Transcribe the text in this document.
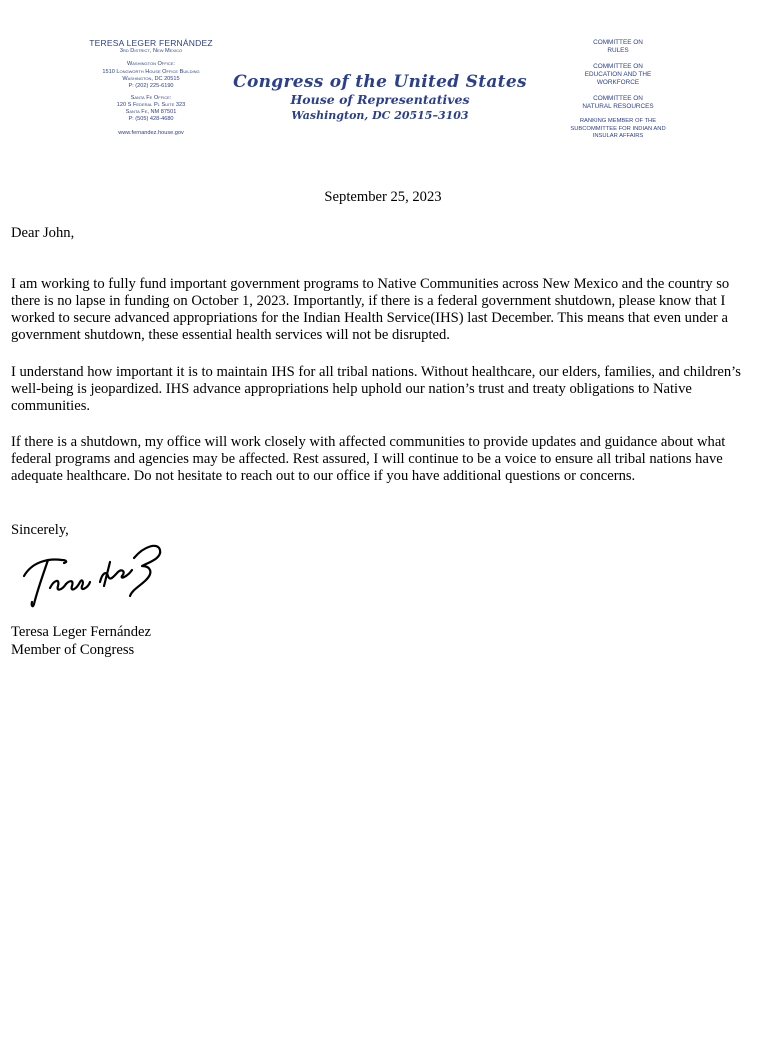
TERESA LEGER FERNÁNDEZ
3rd District, New Mexico
Washington Office:
1510 Longworth House Office Building
Washington, DC 20515
P: (202) 225-6190
Santa Fe Office:
120 S Federal Pl Suite 323
Santa Fe, NM 87501
P: (505) 428-4680
www.fernandez.house.gov
Congress of the United States
House of Representatives
Washington, DC 20515–3103
COMMITTEE ON
RULES
COMMITTEE ON
EDUCATION AND THE
WORKFORCE
COMMITTEE ON
NATURAL RESOURCES
RANKING MEMBER OF THE
SUBCOMMITTEE FOR INDIAN AND
INSULAR AFFAIRS
September 25, 2023
Dear John,

I am working to fully fund important government programs to Native Communities across New Mexico and the country so there is no lapse in funding on October 1, 2023. Importantly, if there is a federal government shutdown, please know that I worked to secure advanced appropriations for the Indian Health Service(IHS) last December. This means that even under a government shutdown, these essential health services will not be disrupted.

I understand how important it is to maintain IHS for all tribal nations. Without healthcare, our elders, families, and children’s well-being is jeopardized. IHS advance appropriations help uphold our nation’s trust and treaty obligations to Native communities.

If there is a shutdown, my office will work closely with affected communities to provide updates and guidance about what federal programs and agencies may be affected. Rest assured, I will continue to be a voice to ensure all tribal nations have adequate healthcare. Do not hesitate to reach out to our office if you have additional questions or concerns.

Sincerely,
Teresa Leger Fernández
Member of Congress
